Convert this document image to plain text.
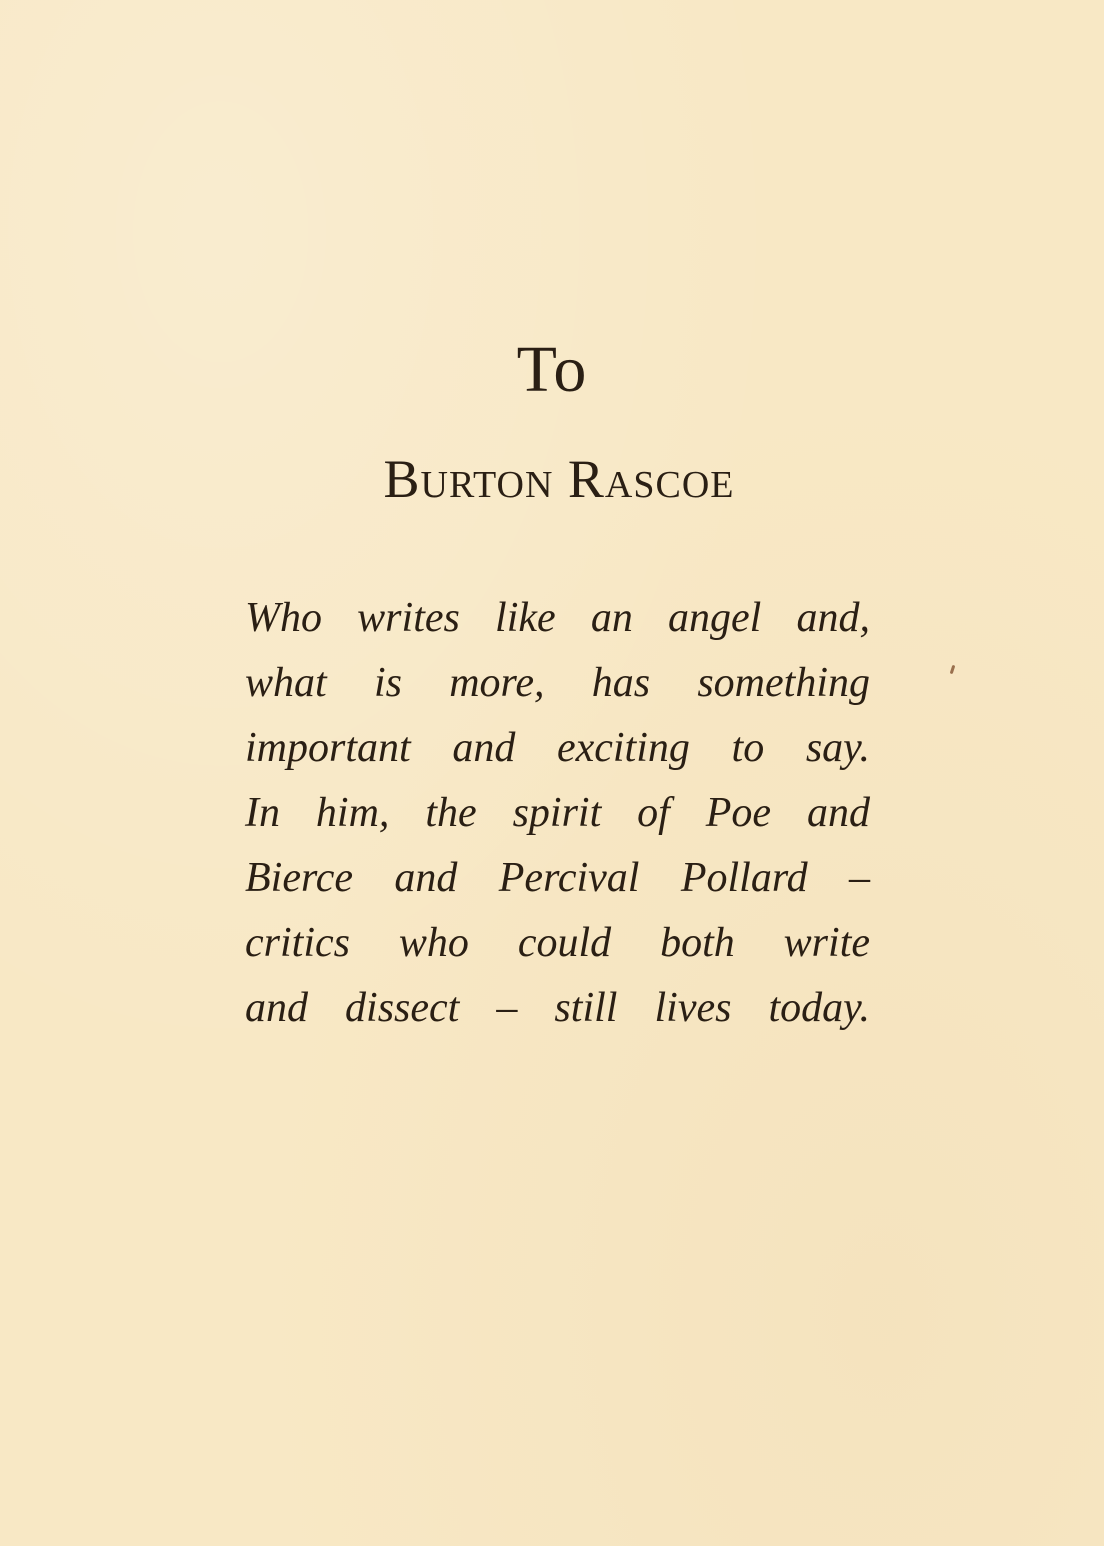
To
Burton Rascoe
Who writes like an angel and,
what is more, has something
important and exciting to say.
In him, the spirit of Poe and
Bierce and Percival Pollard –
critics who could both write
and dissect – still lives today.
